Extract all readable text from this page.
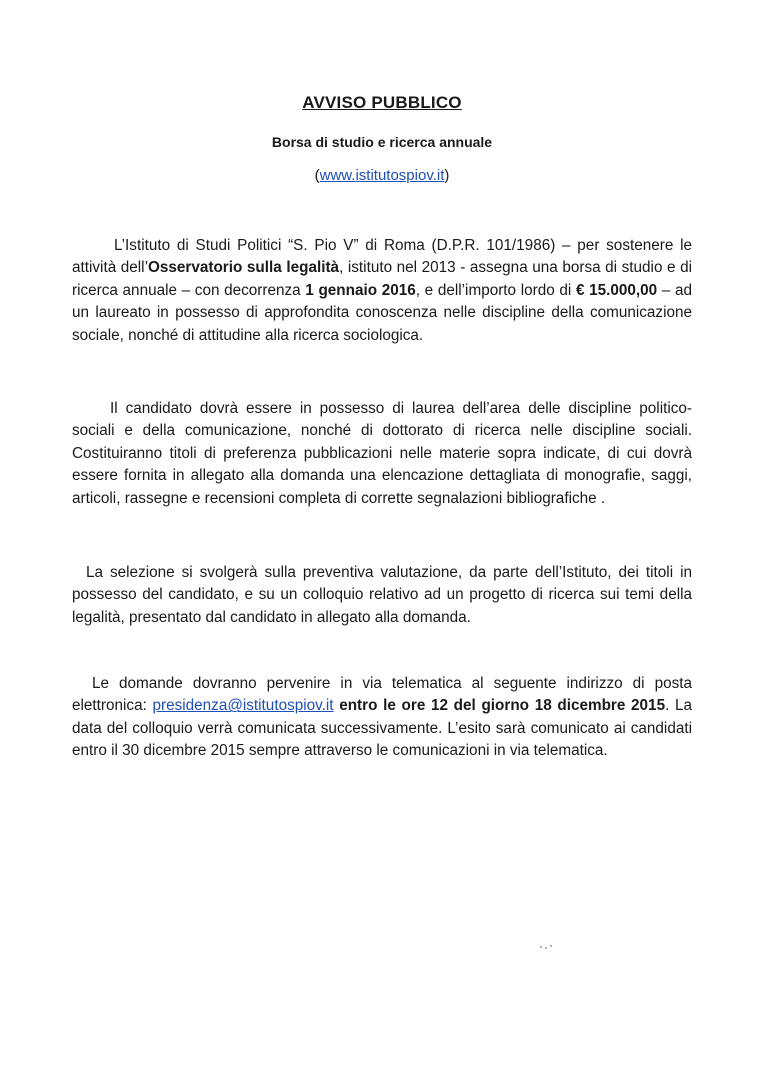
AVVISO PUBBLICO
Borsa di studio e ricerca annuale
(www.istitutospiov.it)

L’Istituto di Studi Politici “S. Pio V” di Roma (D.P.R. 101/1986) – per sostenere le attività dell’Osservatorio sulla legalità, istituto nel 2013 - assegna una borsa di studio e di ricerca annuale – con decorrenza 1 gennaio 2016, e dell’importo lordo di € 15.000,00 – ad un laureato in possesso di approfondita conoscenza nelle discipline della comunicazione sociale, nonché di attitudine alla ricerca sociologica.

Il candidato dovrà essere in possesso di laurea dell’area delle discipline politico-sociali e della comunicazione, nonché di dottorato di ricerca nelle discipline sociali. Costituiranno titoli di preferenza pubblicazioni nelle materie sopra indicate, di cui dovrà essere fornita in allegato alla domanda una elencazione dettagliata di monografie, saggi, articoli, rassegne e recensioni completa di corrette segnalazioni bibliografiche .

La selezione si svolgerà sulla preventiva valutazione, da parte dell’Istituto, dei titoli in possesso del candidato, e su un colloquio relativo ad un progetto di ricerca sui temi della legalità, presentato dal candidato in allegato alla domanda.

Le domande dovranno pervenire in via telematica al seguente indirizzo di posta elettronica: presidenza@istitutospiov.it entro le ore 12 del giorno 18 dicembre 2015. La data del colloquio verrà comunicata successivamente. L’esito sarà comunicato ai candidati entro il 30 dicembre 2015 sempre attraverso le comunicazioni in via telematica.
